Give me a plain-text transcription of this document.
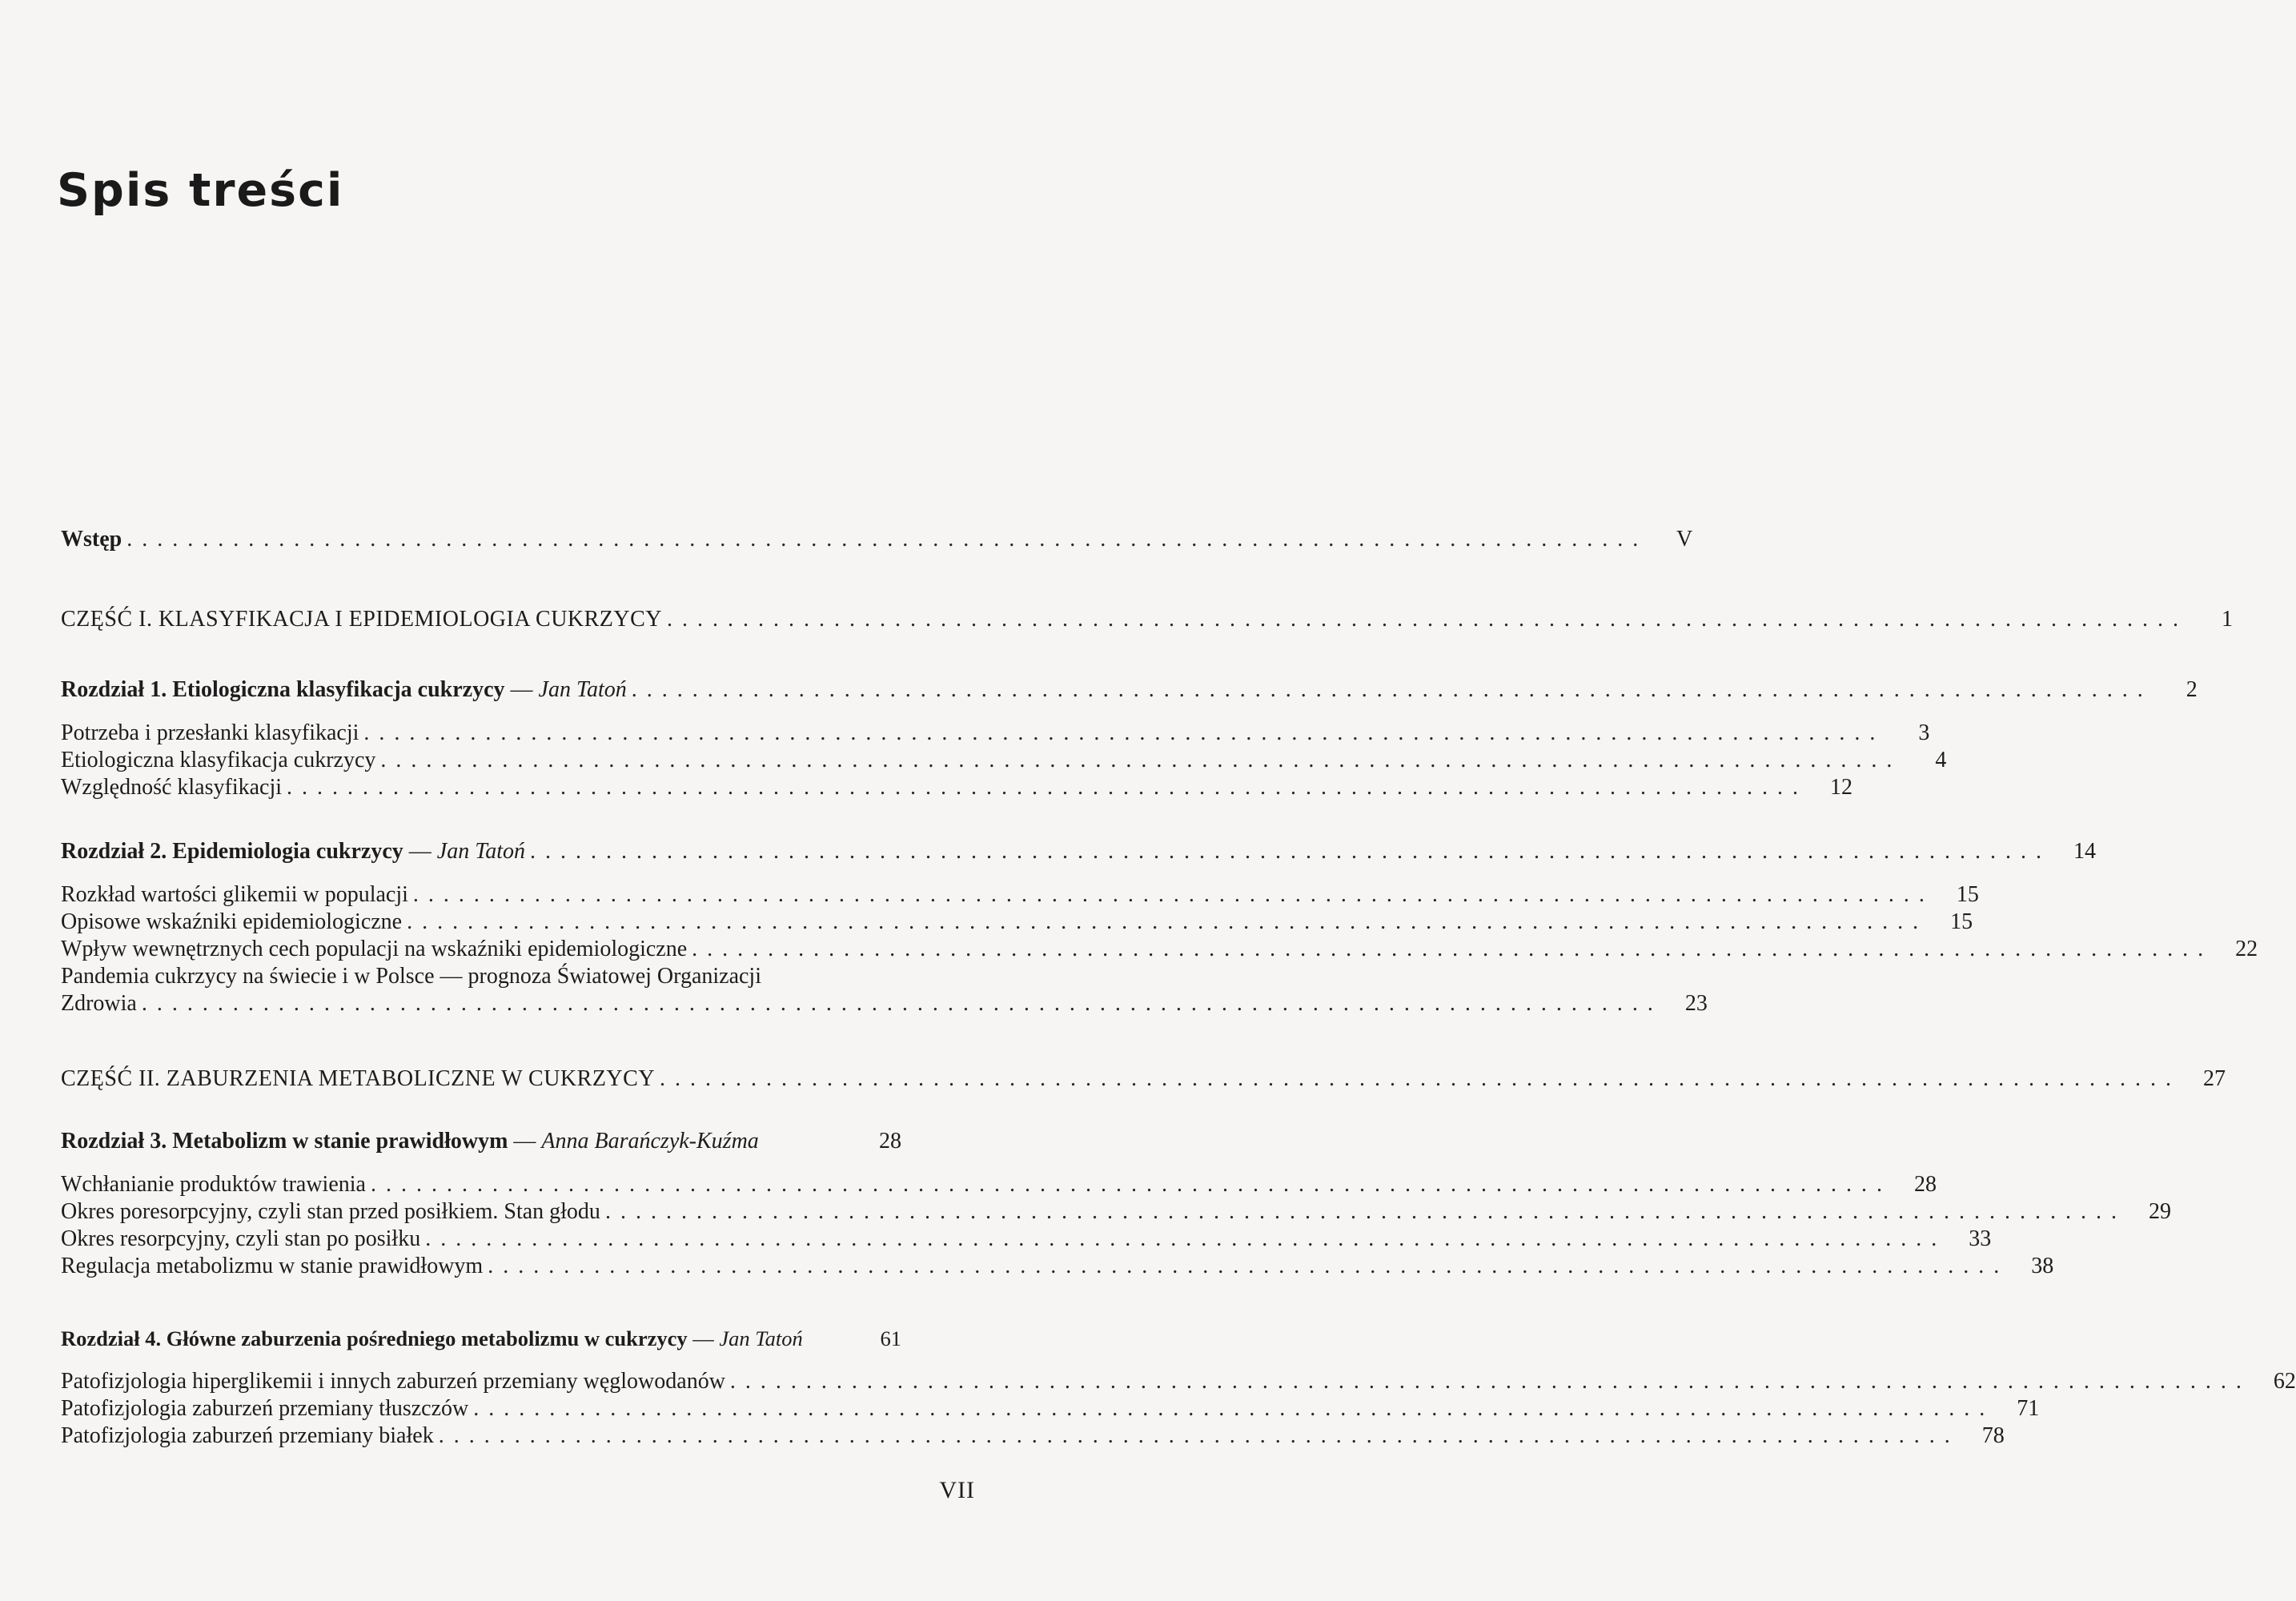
Spis treści
Wstęp ....................................................................................................	V
CZĘŚĆ I. KLASYFIKACJA I EPIDEMIOLOGIA CUKRZYCY ....................................................................................................	1
Rozdział 1. Etiologiczna klasyfikacja cukrzycy — Jan Tatoń ....................................................................................................	2
Potrzeba i przesłanki klasyfikacji ....................................................................................................	3
Etiologiczna klasyfikacja cukrzycy ....................................................................................................	4
Względność klasyfikacji ....................................................................................................	12
Rozdział 2. Epidemiologia cukrzycy — Jan Tatoń ....................................................................................................	14
Rozkład wartości glikemii w populacji ....................................................................................................	15
Opisowe wskaźniki epidemiologiczne ....................................................................................................	15
Wpływ wewnętrznych cech populacji na wskaźniki epidemiologiczne ....................................................................................................	22
Pandemia cukrzycy na świecie i w Polsce — prognoza Światowej Organizacji
Zdrowia ....................................................................................................	23
CZĘŚĆ II. ZABURZENIA METABOLICZNE W CUKRZYCY ....................................................................................................	27
Rozdział 3. Metabolizm w stanie prawidłowym — Anna Barańczyk-Kuźma	28
Wchłanianie produktów trawienia ....................................................................................................	28
Okres poresorpcyjny, czyli stan przed posiłkiem. Stan głodu ....................................................................................................	29
Okres resorpcyjny, czyli stan po posiłku ....................................................................................................	33
Regulacja metabolizmu w stanie prawidłowym ....................................................................................................	38
Rozdział 4. Główne zaburzenia pośredniego metabolizmu w cukrzycy — Jan Tatoń	61
Patofizjologia hiperglikemii i innych zaburzeń przemiany węglowodanów ....................................................................................................	62
Patofizjologia zaburzeń przemiany tłuszczów ....................................................................................................	71
Patofizjologia zaburzeń przemiany białek ....................................................................................................	78
VII
